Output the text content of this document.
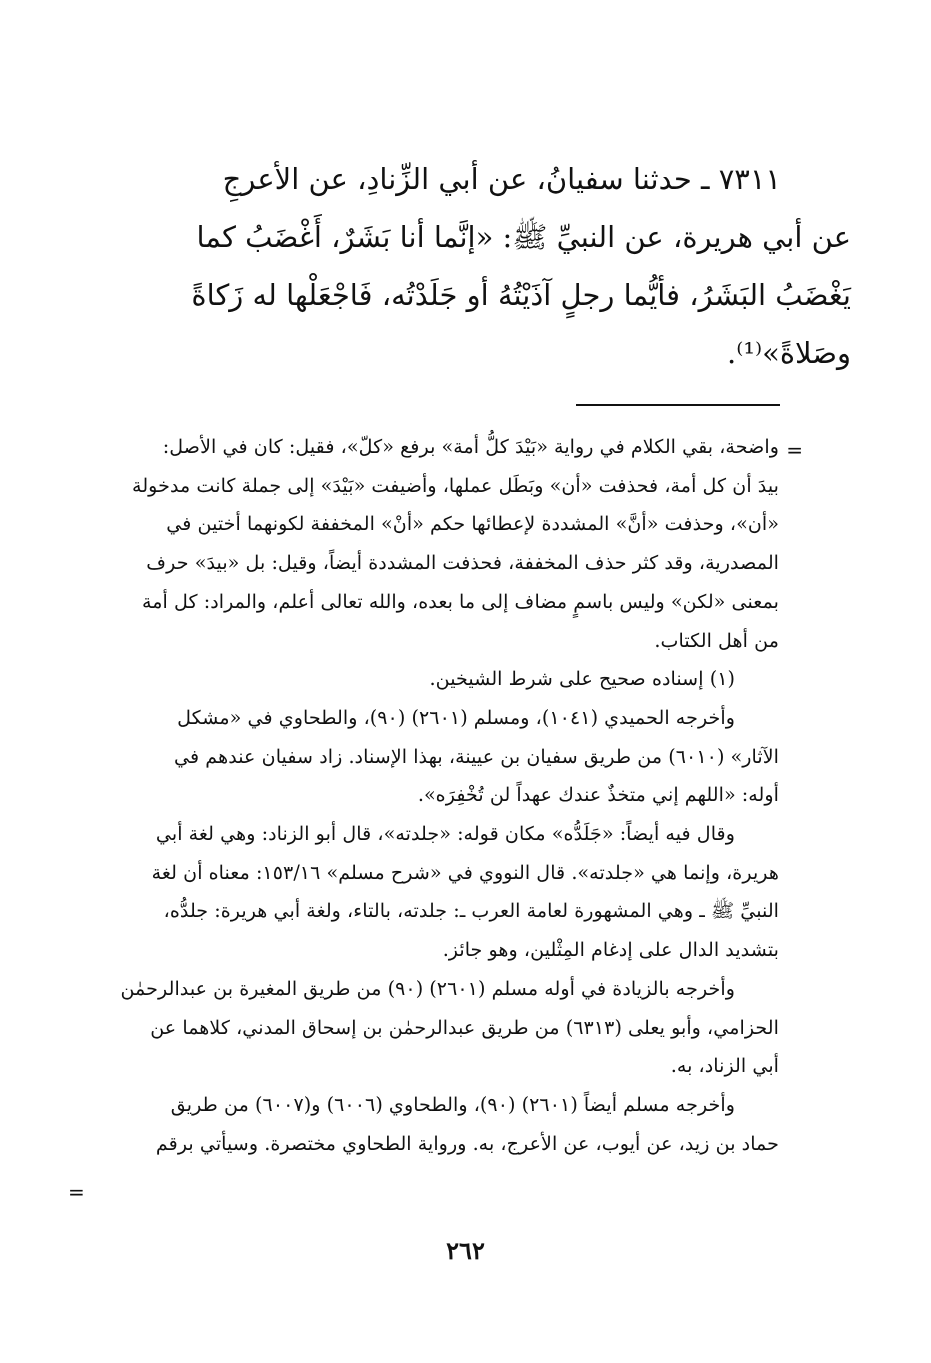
٧٣١١ ـ حدثنا سفيانُ، عن أبي الزِّنادِ، عن الأعرجِ
عن أبي هريرة، عن النبيِّ ﷺ: «إنَّما أنا بَشَرٌ، أَغْضَبُ كما
يَغْضَبُ البَشَرُ، فأيُّما رجلٍ آذَيْتُهُ أو جَلَدْتُه، فَاجْعَلْها له زَكاةً
وصَلاةً»⁽¹⁾.
=
واضحة، بقي الكلام في رواية «بَيْدَ كلُّ أمة» برفع «كلّ»، فقيل: كان في الأصل:
بيدَ أن كل أمة، فحذفت «أن» وبَطَل عملها، وأضيفت «بَيْدَ» إلى جملة كانت مدخولة
«أن»، وحذفت «أنَّ» المشددة لإعطائها حكم «أنْ» المخففة لكونهما أختين في
المصدرية، وقد كثر حذف المخففة، فحذفت المشددة أيضاً، وقيل: بل «بيدَ» حرف
بمعنى «لكن» وليس باسمٍ مضاف إلى ما بعده، والله تعالى أعلم، والمراد: كل أمة
من أهل الكتاب.
(١) إسناده صحيح على شرط الشيخين.
وأخرجه الحميدي (١٠٤١)، ومسلم (٢٦٠١) (٩٠)، والطحاوي في «مشكل
الآثار» (٦٠١٠) من طريق سفيان بن عيينة، بهذا الإسناد. زاد سفيان عندهم في
أوله: «اللهم إني متخذٌ عندك عهداً لن تُخْفِرَه».
وقال فيه أيضاً: «جَلَدُّه» مكان قوله: «جلدته»، قال أبو الزناد: وهي لغة أبي
هريرة، وإنما هي «جلدته». قال النووي في «شرح مسلم» ١٥٣/١٦: معناه أن لغة
النبيِّ ﷺ ـ وهي المشهورة لعامة العرب ـ: جلدته، بالتاء، ولغة أبي هريرة: جلدُّه،
بتشديد الدال على إدغام المِثْلين، وهو جائز.
وأخرجه بالزيادة في أوله مسلم (٢٦٠١) (٩٠) من طريق المغيرة بن عبدالرحمٰن
الحزامي، وأبو يعلى (٦٣١٣) من طريق عبدالرحمٰن بن إسحاق المدني، كلاهما عن
أبي الزناد، به.
وأخرجه مسلم أيضاً (٢٦٠١) (٩٠)، والطحاوي (٦٠٠٦) و(٦٠٠٧) من طريق
حماد بن زيد، عن أيوب، عن الأعرج، به. ورواية الطحاوي مختصرة. وسيأتي برقم
=
٢٦٢
